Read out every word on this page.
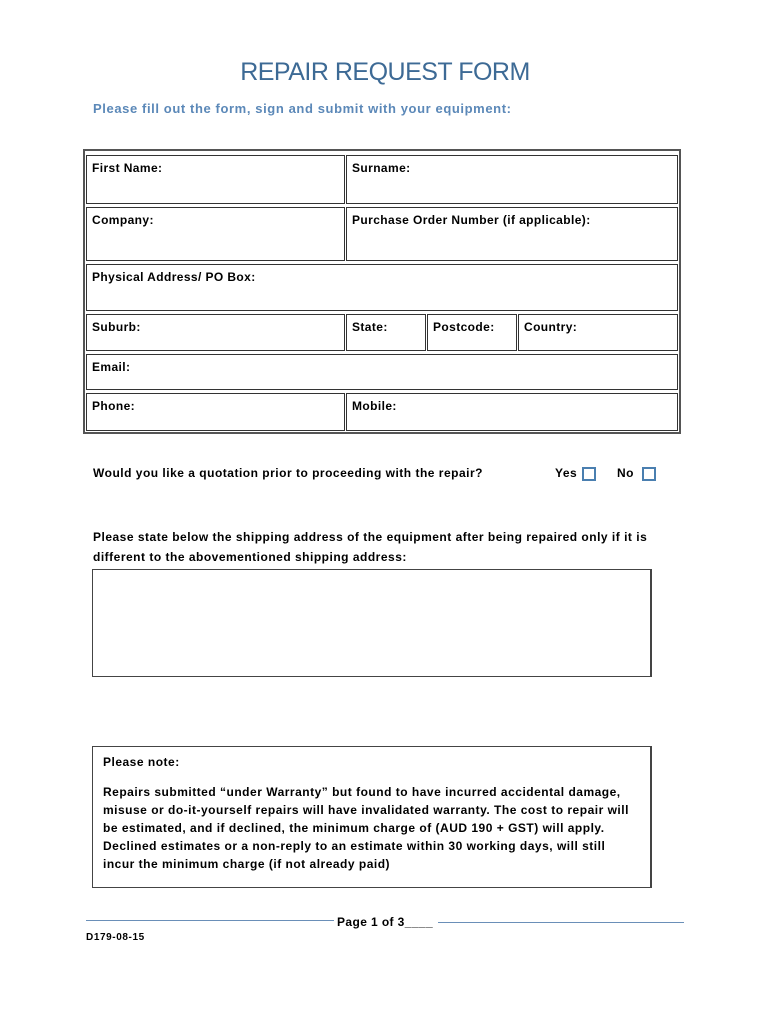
REPAIR REQUEST FORM
Please fill out the form, sign and submit with your equipment:
First Name:	Surname:
Company:	Purchase Order Number (if applicable):
Physical Address/ PO Box:
Suburb:	State:	Postcode:	Country:
Email:
Phone:	Mobile:
Would you like a quotation prior to proceeding with the repair?	Yes	No
Please state below the shipping address of the equipment after being repaired only if it is different to the abovementioned shipping address:
Please note:
Repairs submitted “under Warranty” but found to have incurred accidental damage, misuse or do-it-yourself repairs will have invalidated warranty. The cost to repair will be estimated, and if declined, the minimum charge of (AUD 190 + GST) will apply. Declined estimates or a non-reply to an estimate within 30 working days, will still incur the minimum charge (if not already paid)
Page 1 of 3____
D179-08-15
